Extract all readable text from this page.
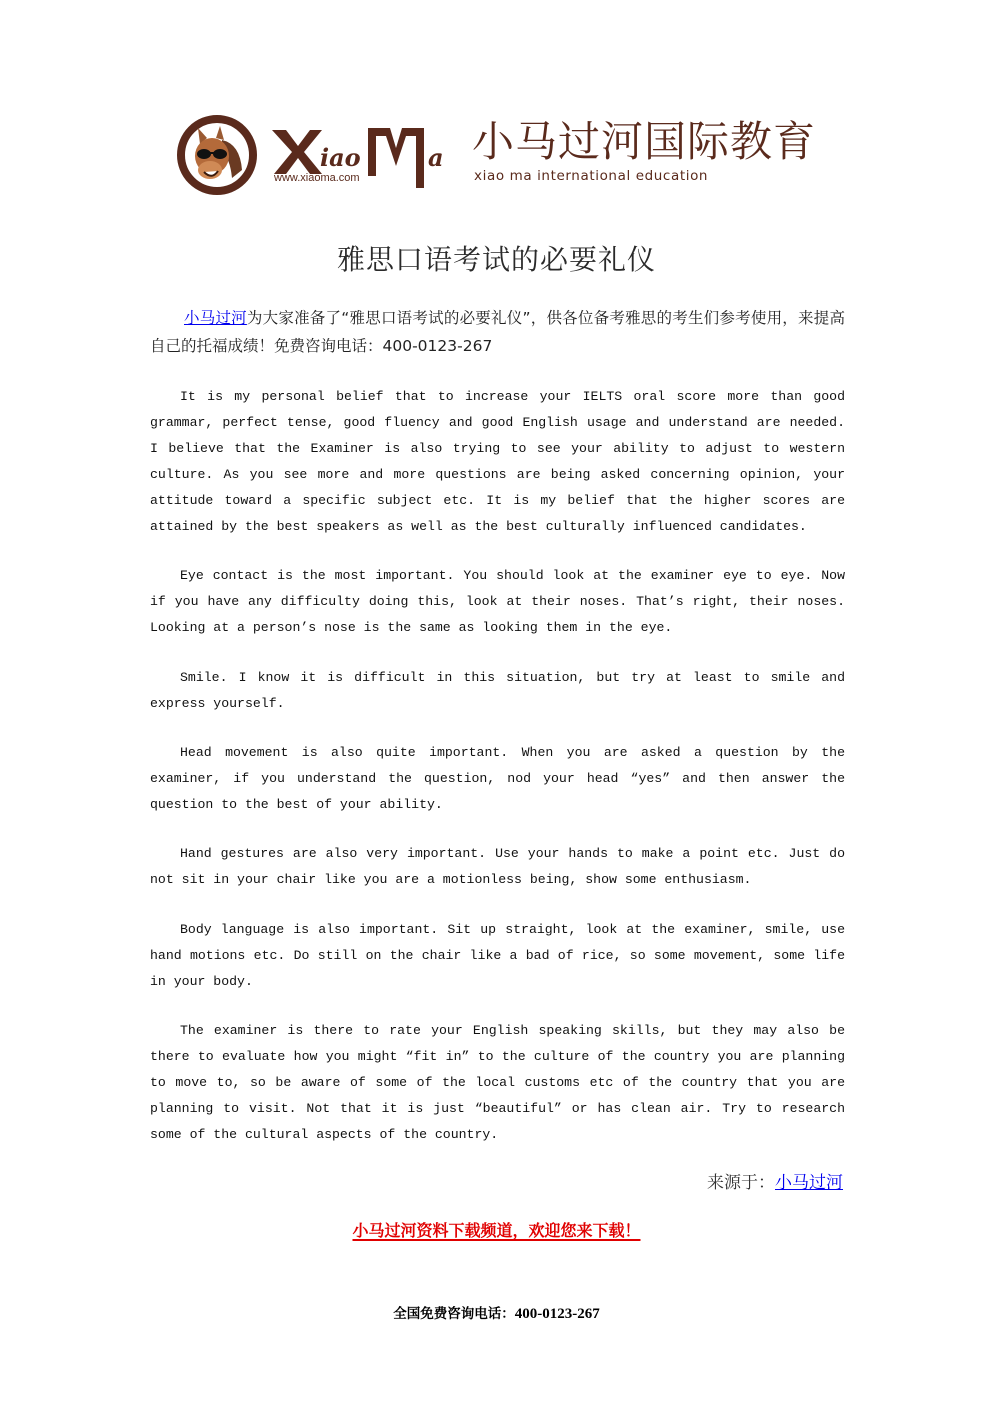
iao	a
www.xiaoma.com
小马过河国际教育
xiao ma international education
雅思口语考试的必要礼仪
小马过河为大家准备了“雅思口语考试的必要礼仪”，供各位备考雅思的考生们参考使用，来提高自己的托福成绩！免费咨询电话：400-0123-267

It is my personal belief that to increase your IELTS oral score more than good grammar, perfect tense, good fluency and good English usage and understand are needed. I believe that the Examiner is also trying to see your ability to adjust to western culture. As you see more and more questions are being asked concerning opinion, your attitude toward a specific subject etc. It is my belief that the higher scores are attained by the best speakers as well as the best culturally influenced candidates.

Eye contact is the most important. You should look at the examiner eye to eye. Now if you have any difficulty doing this, look at their noses. That’s right, their noses. Looking at a person’s nose is the same as looking them in the eye.

Smile. I know it is difficult in this situation, but try at least to smile and express yourself.

Head movement is also quite important. When you are asked a question by the examiner, if you understand the question, nod your head “yes” and then answer the question to the best of your ability.

Hand gestures are also very important. Use your hands to make a point etc. Just do not sit in your chair like you are a motionless being, show some enthusiasm.

Body language is also important. Sit up straight, look at the examiner, smile, use hand motions etc. Do still on the chair like a bad of rice, so some movement, some life in your body.

The examiner is there to rate your English speaking skills, but they may also be there to evaluate how you might “fit in” to the culture of the country you are planning to move to, so be aware of some of the local customs etc of the country that you are planning to visit. Not that it is just “beautiful” or has clean air. Try to research some of the cultural aspects of the country.

来源于：小马过河
小马过河资料下载频道，欢迎您来下载！
全国免费咨询电话：400-0123-267
